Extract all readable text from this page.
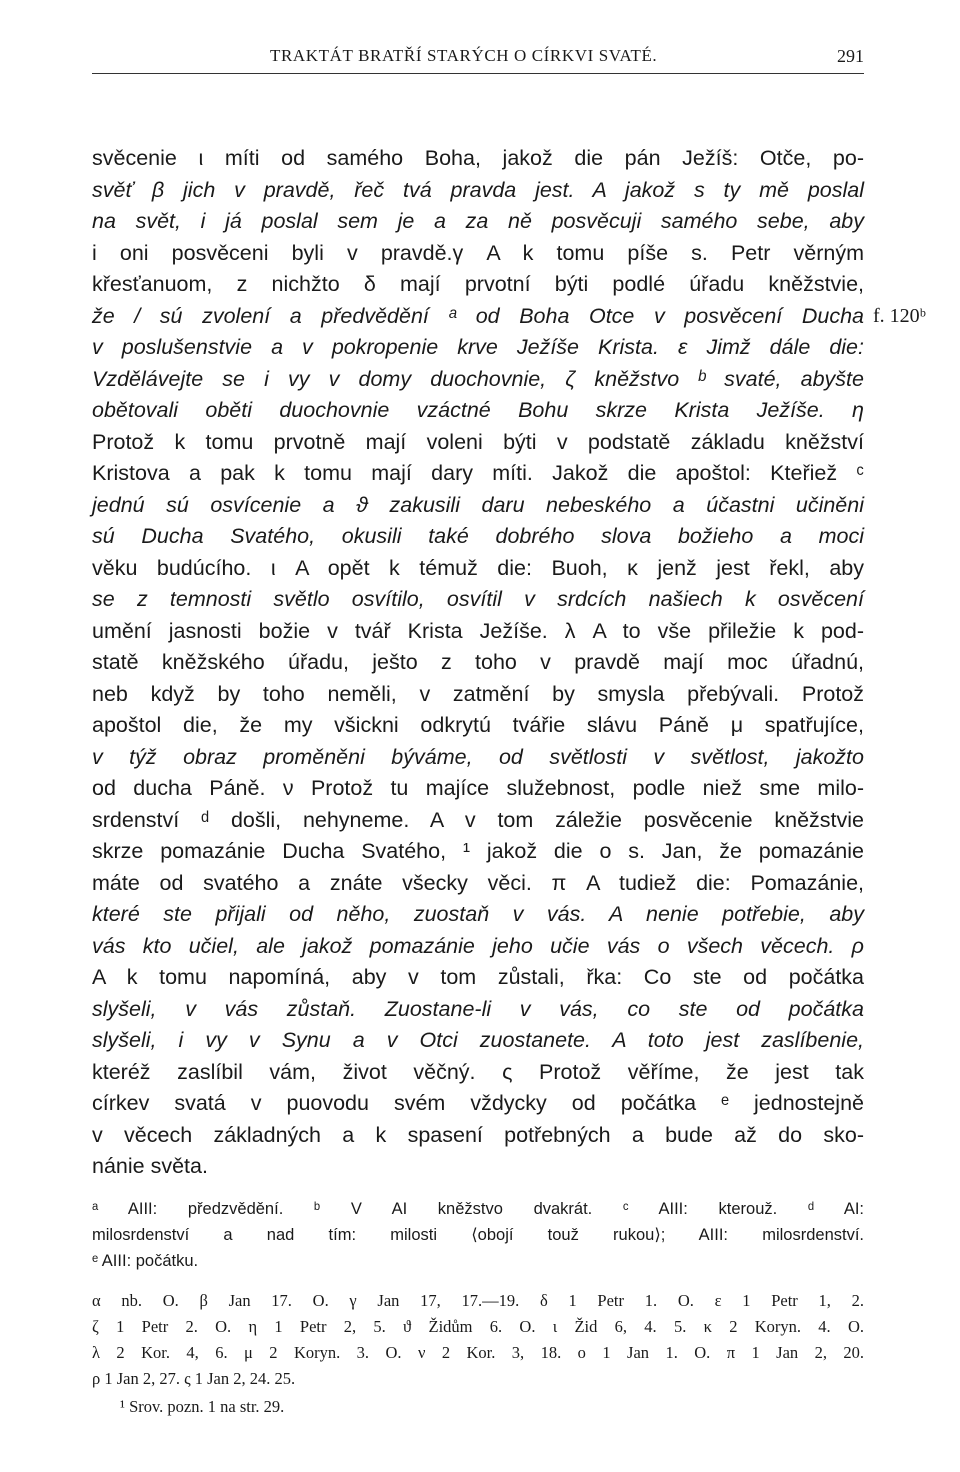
TRAKTÁT BRATŘÍ STARÝCH O CÍRKVI SVATÉ.	291
svěcenie ι míti od samého Boha, jakož die pán Ježíš: Otče, po-
svěť β jich v pravdě, řeč tvá pravda jest. A jakož s ty mě poslal
na svět, i já poslal sem je a za ně posvěcuji samého sebe, aby
i oni posvěceni byli v pravdě.γ A k tomu píše s. Petr věrným
křesťanuom, z nichžto δ mají prvotní býti podlé úřadu kněžstvie,
že / sú zvolení a předvědění ᵃ od Boha Otce v posvěcení Ducha
v poslušenstvie a v pokropenie krve Ježíše Krista. ε Jimž dále die:
Vzdělávejte se i vy v domy duochovnie, ζ kněžstvo ᵇ svaté, abyšte
obětovali oběti duochovnie vzáctné Bohu skrze Krista Ježíše. η
Protož k tomu prvotně mají voleni býti v podstatě základu kněžství
Kristova a pak k tomu mají dary míti. Jakož die apoštol: Kteřiež ᶜ
jednú sú osvícenie a ϑ zakusili daru nebeského a účastni učiněni
sú Ducha Svatého, okusili také dobrého slova božieho a moci
věku budúcího. ι A opět k témuž die: Buoh, κ jenž jest řekl, aby
se z temnosti světlo osvítilo, osvítil v srdcích našiech k osvěcení
umění jasnosti božie v tvář Krista Ježíše. λ A to vše přiležie k pod-
statě kněžského úřadu, ješto z toho v pravdě mají moc úřadnú,
neb když by toho neměli, v zatmění by smysla přebývali. Protož
apoštol die, že my všickni odkrytú tvářie slávu Páně μ spatřujíce,
v týž obraz proměněni býváme, od světlosti v světlost, jakožto
od ducha Páně. ν Protož tu majíce služebnost, podle niež sme milo-
srdenství ᵈ došli, nehyneme. A v tom záležie posvěcenie kněžstvie
skrze pomazánie Ducha Svatého, ¹ jakož die ο s. Jan, že pomazánie
máte od svatého a znáte všecky věci. π A tudiež die: Pomazánie,
které ste přijali od něho, zuostaň v vás. A nenie potřebie, aby
vás kto učiel, ale jakož pomazánie jeho učie vás o všech věcech. ρ
A k tomu napomíná, aby v tom zůstali, řka: Co ste od počátka
slyšeli, v vás zůstaň. Zuostane-li v vás, co ste od počátka
slyšeli, i vy v Synu a v Otci zuostanete. A toto jest zaslíbenie,
kteréž zaslíbil vám, život věčný. ς Protož věříme, že jest tak
církev svatá v puovodu svém vždycky od počátka ᵉ jednostejně
v věcech základných a k spasení potřebných a bude až do sko-
nánie světa.
f. 120ᵇ
ᵃ AIII: předzvědění. ᵇ V AI kněžstvo dvakrát. ᶜ AIII: kterouž. ᵈ AI:
milosrdenství a nad tím: milosti ⟨obojí touž rukou⟩; AIII: milosrdenství.
ᵉ AIII: počátku.
α nb. O. β Jan 17. O. γ Jan 17, 17.—19. δ 1 Petr 1. O. ε 1 Petr 1, 2.
ζ 1 Petr 2. O. η 1 Petr 2, 5. ϑ Židům 6. O. ι Žid 6, 4. 5. κ 2 Koryn. 4. O.
λ 2 Kor. 4, 6. μ 2 Koryn. 3. O. ν 2 Kor. 3, 18. ο 1 Jan 1. O. π 1 Jan 2, 20.
ρ 1 Jan 2, 27. ς 1 Jan 2, 24. 25.
¹ Srov. pozn. 1 na str. 29.
